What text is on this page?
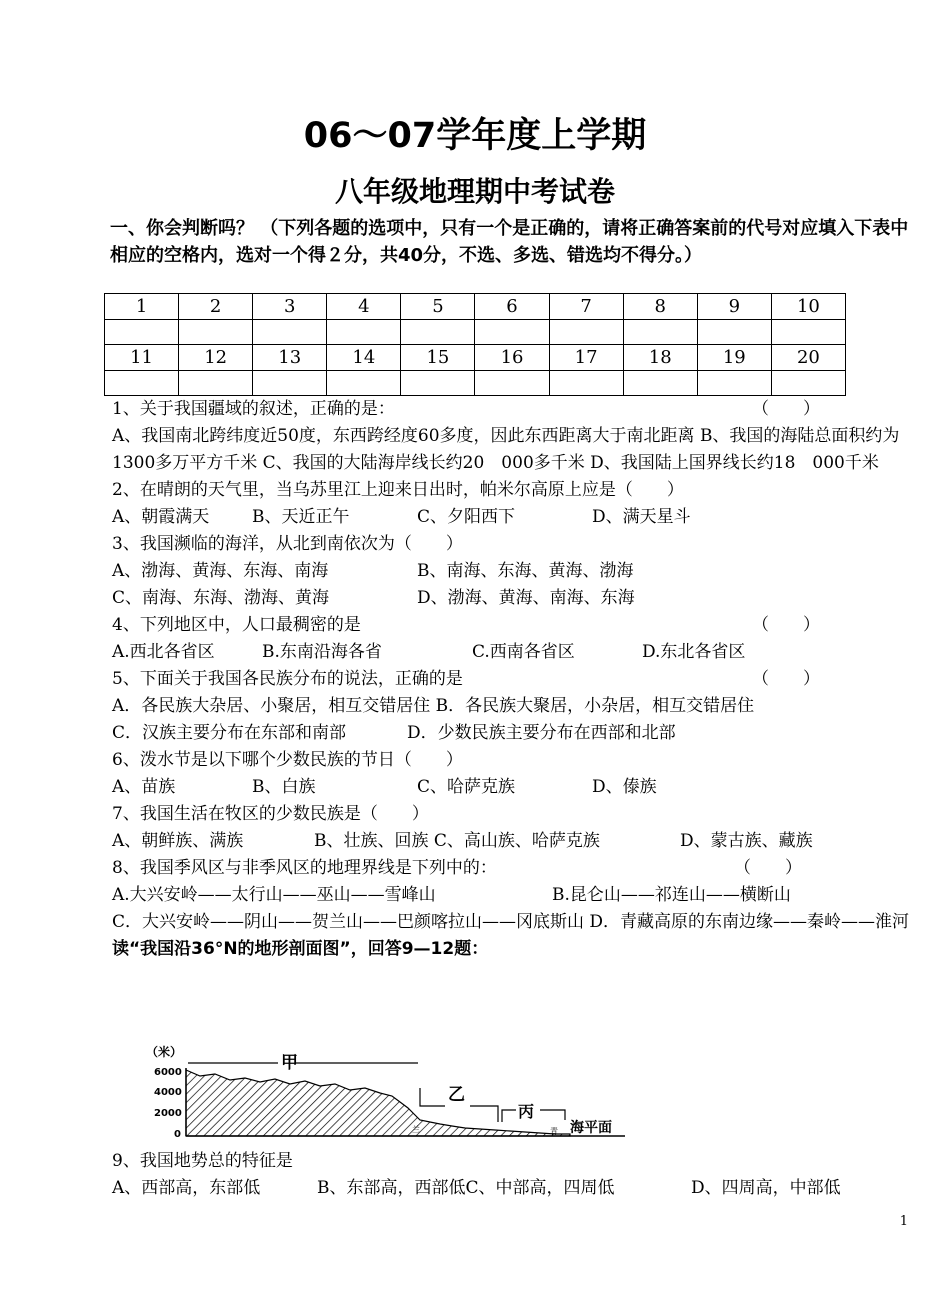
06～07学年度上学期
八年级地理期中考试卷
一、你会判断吗？ （下列各题的选项中，只有一个是正确的，请将正确答案前的代号对应填入下表中相应的空格内，选对一个得２分，共40分，不选、多选、错选均不得分。）
1	2	3	4	5	6	7	8	9	10

11	12	13	14	15	16	17	18	19	20

1、关于我国疆域的叙述，正确的是：	（　　）
A、我国南北跨纬度近50度，东西跨经度60多度，因此东西距离大于南北距离 B、我国的海陆总面积约为1300多万平方千米 C、我国的大陆海岸线长约20　000多千米 D、我国陆上国界线长约18　000千米
2、在晴朗的天气里，当乌苏里江上迎来日出时，帕米尔高原上应是（　　）
A、朝霞满天	B、天近正午	C、夕阳西下	D、满天星斗
3、我国濒临的海洋，从北到南依次为（　　）
A、渤海、黄海、东海、南海	B、南海、东海、黄海、渤海
C、南海、东海、渤海、黄海	D、渤海、黄海、南海、东海
4、下列地区中，人口最稠密的是	（　　）
A.西北各省区	B.东南沿海各省	C.西南各省区	D.东北各省区
5、下面关于我国各民族分布的说法，正确的是	（　　）
A．各民族大杂居、小聚居，相互交错居住 B．各民族大聚居，小杂居，相互交错居住
C．汉族主要分布在东部和南部	D．少数民族主要分布在西部和北部
6、泼水节是以下哪个少数民族的节日（　　）
A、苗族	B、白族	C、哈萨克族	D、傣族
7、我国生活在牧区的少数民族是（　　）
A、朝鲜族、满族	B、壮族、回族 C、高山族、哈萨克族	D、蒙古族、藏族
8、我国季风区与非季风区的地理界线是下列中的：	（　　）
A.大兴安岭——太行山——巫山——雪峰山	B.昆仑山——祁连山——横断山
C．大兴安岭——阴山——贺兰山——巴颜喀拉山——冈底斯山 D．青藏高原的东南边缘——秦岭——淮河
读“我国沿36°N的地形剖面图”，回答9—12题：
（米）
6000
4000
2000
0
甲
乙
丙
兰	青 海平面
9、我国地势总的特征是
A、西部高，东部低	B、东部高，西部低C、中部高，四周低	D、四周高，中部低
1
